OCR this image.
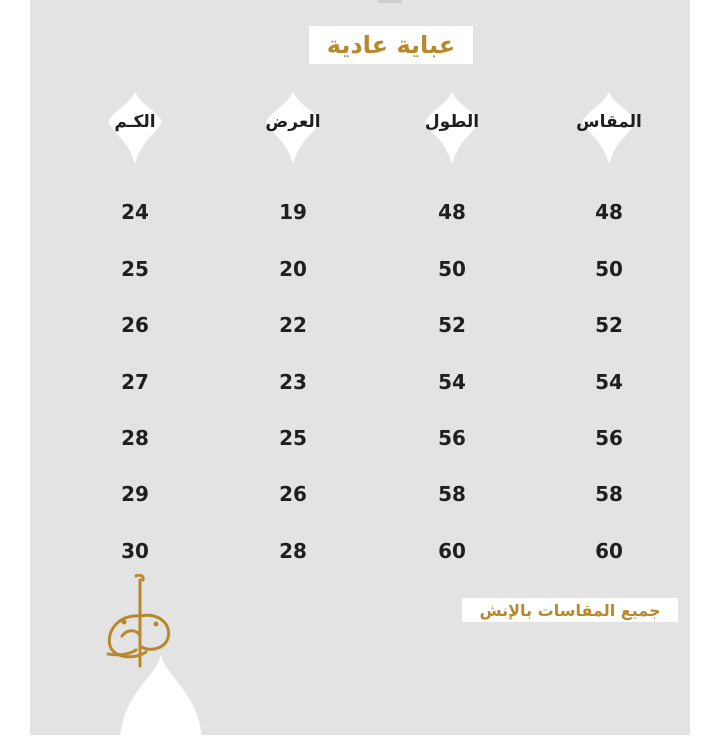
عباية عادية
المقاس
الطول
العرض
الكـم
48
50
52
54
56
58
60
48
50
52
54
56
58
60
19
20
22
23
25
26
28
24
25
26
27
28
29
30
جميع المقاسات بالإنش
